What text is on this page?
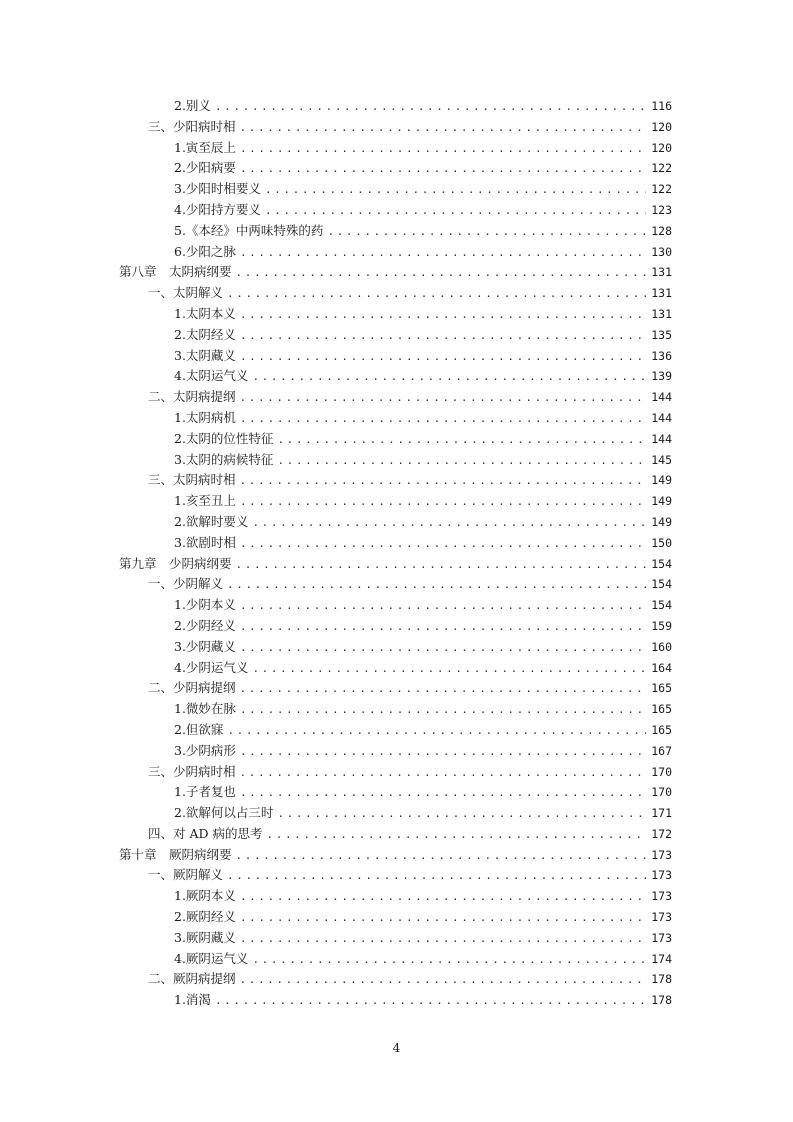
2.别义 .....	116
三、少阳病时相 .....	120
1.寅至辰上 .....	120
2.少阳病要 .....	122
3.少阳时相要义 .....	122
4.少阳持方要义 .....	123
5.《本经》中两味特殊的药 .....	128
6.少阳之脉 .....	130
第八章　太阴病纲要 .....	131
一、太阴解义 .....	131
1.太阴本义 .....	131
2.太阴经义 .....	135
3.太阴藏义 .....	136
4.太阴运气义 .....	139
二、太阴病提纲 .....	144
1.太阴病机 .....	144
2.太阴的位性特征 .....	144
3.太阴的病候特征 .....	145
三、太阴病时相 .....	149
1.亥至丑上 .....	149
2.欲解时要义 .....	149
3.欲剧时相 .....	150
第九章　少阴病纲要 .....	154
一、少阴解义 .....	154
1.少阴本义 .....	154
2.少阴经义 .....	159
3.少阴藏义 .....	160
4.少阴运气义 .....	164
二、少阴病提纲 .....	165
1.微妙在脉 .....	165
2.但欲寐 .....	165
3.少阴病形 .....	167
三、少阴病时相 .....	170
1.子者复也 .....	170
2.欲解何以占三时 .....	171
四、对 AD 病的思考 .....	172
第十章　厥阴病纲要 .....	173
一、厥阴解义 .....	173
1.厥阴本义 .....	173
2.厥阴经义 .....	173
3.厥阴藏义 .....	173
4.厥阴运气义 .....	174
二、厥阴病提纲 .....	178
1.消渴 .....	178
4
